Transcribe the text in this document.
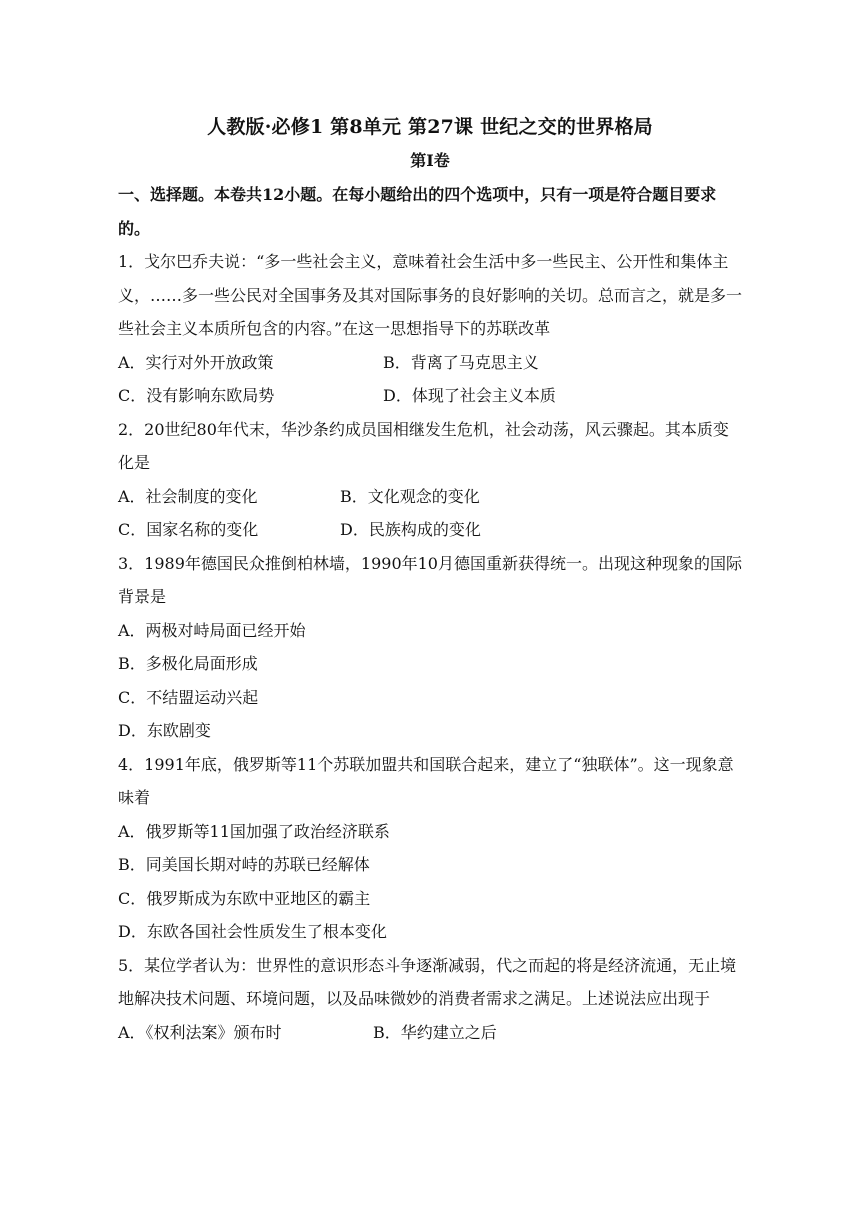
人教版·必修1 第8单元 第27课 世纪之交的世界格局

第Ⅰ卷

一、选择题。本卷共12小题。在每小题给出的四个选项中，只有一项是符合题目要求的。

1．戈尔巴乔夫说：“多一些社会主义，意味着社会生活中多一些民主、公开性和集体主义，……多一些公民对全国事务及其对国际事务的良好影响的关切。总而言之，就是多一些社会主义本质所包含的内容。”在这一思想指导下的苏联改革

A．实行对外开放政策	B．背离了马克思主义
C．没有影响东欧局势	D．体现了社会主义本质

2．20世纪80年代末，华沙条约成员国相继发生危机，社会动荡，风云骤起。其本质变化是

A．社会制度的变化	B．文化观念的变化
C．国家名称的变化	D．民族构成的变化

3．1989年德国民众推倒柏林墙，1990年10月德国重新获得统一。出现这种现象的国际背景是

A．两极对峙局面已经开始

B．多极化局面形成

C．不结盟运动兴起

D．东欧剧变

4．1991年底，俄罗斯等11个苏联加盟共和国联合起来，建立了“独联体”。这一现象意味着

A．俄罗斯等11国加强了政治经济联系

B．同美国长期对峙的苏联已经解体

C．俄罗斯成为东欧中亚地区的霸主

D．东欧各国社会性质发生了根本变化

5．某位学者认为：世界性的意识形态斗争逐渐减弱，代之而起的将是经济流通，无止境地解决技术问题、环境问题，以及品味微妙的消费者需求之满足。上述说法应出现于

A．《权利法案》颁布时	B．华约建立之后
